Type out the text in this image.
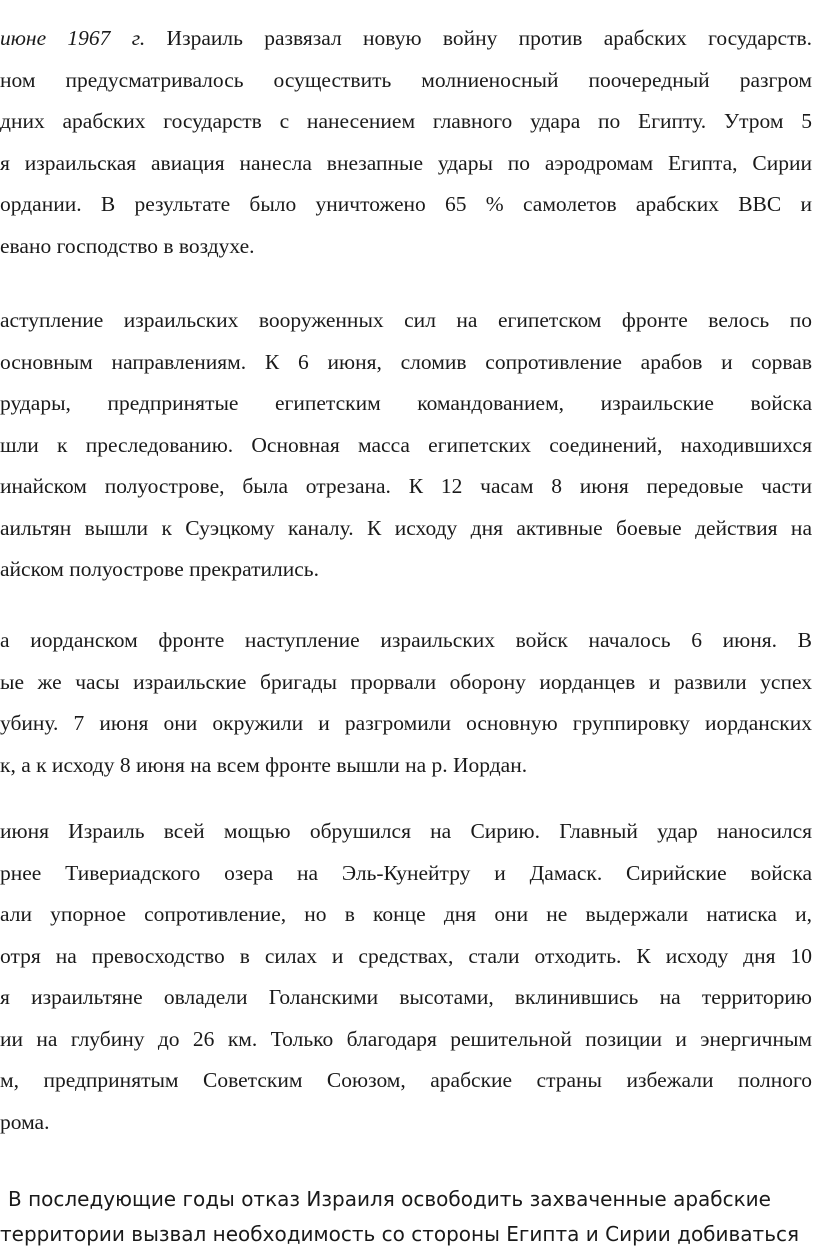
июне 1967 г. Израиль развязал новую войну против арабских государств.
ном предусматривалось осуществить молниеносный поочередный разгром
дних арабских государств с нанесением главного удара по Египту. Утром 5
я израильская авиация нанесла внезапные удары по аэродромам Египта, Сирии
ордании. В результате было уничтожено 65 % самолетов арабских ВВС и
евано господство в воздухе.

аступление израильских вооруженных сил на египетском фронте велось по
основным направлениям. К 6 июня, сломив сопротивление арабов и сорвав
рудары, предпринятые египетским командованием, израильские войска
шли к преследованию. Основная масса египетских соединений, находившихся
инайском полуострове, была отрезана. К 12 часам 8 июня передовые части
аильтян вышли к Суэцкому каналу. К исходу дня активные боевые действия на
айском полуострове прекратились.

а иорданском фронте наступление израильских войск началось 6 июня. В
ые же часы израильские бригады прорвали оборону иорданцев и развили успех
убину. 7 июня они окружили и разгромили основную группировку иорданских
к, а к исходу 8 июня на всем фронте вышли на р. Иордан.

июня Израиль всей мощью обрушился на Сирию. Главный удар наносился
рнее Тивериадского озера на Эль-Кунейтру и Дамаск. Сирийские войска
али упорное сопротивление, но в конце дня они не выдержали натиска и,
отря на превосходство в силах и средствах, стали отходить. К исходу дня 10
я израильтяне овладели Голанскими высотами, вклинившись на территорию
ии на глубину до 26 км. Только благодаря решительной позиции и энергичным
м, предпринятым Советским Союзом, арабские страны избежали полного
рома.

В последующие годы отказ Израиля освободить захваченные арабские
территории вызвал необходимость со стороны Египта и Сирии добиваться
